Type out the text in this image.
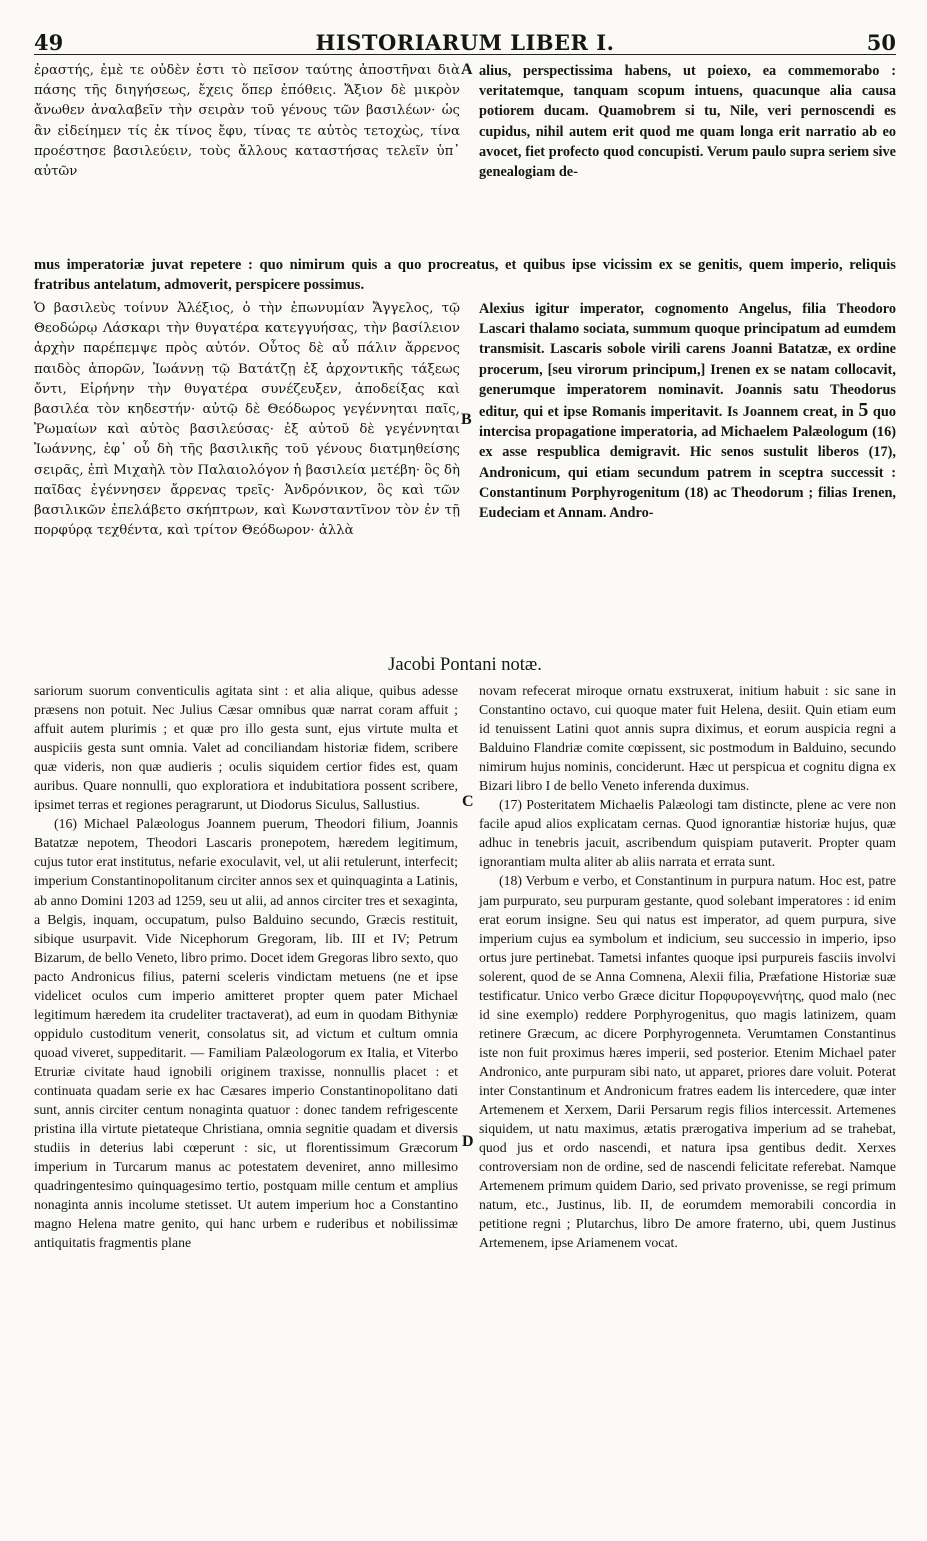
49	HISTORIARUM LIBER I.	50
ἐραστής, ἐμὲ τε οὐδὲν ἐστι τὸ πεῖσον ταύτης ἀποστῆναι διὰ πάσης τῆς διηγήσεως, ἔχεις ὅπερ ἐπόθεις. Ἄξιον δὲ μικρὸν ἄνωθεν ἀναλαβεῖν τὴν σειρὰν τοῦ γένους τῶν βασιλέων· ὡς ἂν εἰδείημεν τίς ἐκ τίνος ἔφυ, τίνας τε αὐτὸς τετοχὼς, τίνα προέστησε βασιλεύειν, τοὺς ἄλλους καταστήσας τελεῖν ὑπ᾽ αὐτῶν
A alius, perspectissima habens, ut poiexo, ea commemorabo : veritatemque, tanquam scopum intuens, quacunque alia causa potiorem ducam. Quamobrem si tu, Nile, veri pernoscendi es cupidus, nihil autem erit quod me quam longa erit narratio ab eo avocet, fiet profecto quod concupisti. Verum paulo supra seriem sive genealogiam de-
mus imperatoriæ juvat repetere : quo nimirum quis a quo procreatus, et quibus ipse vicissim ex se genitis, quem imperio, reliquis fratribus antelatum, admoverit, perspicere possimus.
Ὁ βασιλεὺς τοίνυν Ἀλέξιος, ὁ τὴν ἐπωνυμίαν Ἄγγελος, τῷ Θεοδώρῳ Λάσκαρι τὴν θυγατέρα κατεγγυήσας, τὴν βασίλειον ἀρχὴν παρέπεμψε πρὸς αὐτόν. Οὗτος δὲ αὖ πάλιν ἄρρενος παιδὸς ἀπορῶν, Ἰωάννῃ τῷ Βατάτζῃ ἐξ ἀρχοντικῆς τάξεως ὄντι, Εἰρήνην τὴν θυγατέρα συνέζευξεν, ἀποδείξας καὶ βασιλέα τὸν κηδεστήν· αὐτῷ δὲ Θεόδωρος γεγέννηται παῖς, Ῥωμαίων καὶ αὐτὸς βασιλεύσας· ἐξ αὐτοῦ δὲ γεγέννηται Ἰωάννης, ἐφ᾽ οὗ δὴ τῆς βασιλικῆς τοῦ γένους διατμηθείσης σειρᾶς, ἐπὶ Μιχαὴλ τὸν Παλαιολόγον ἡ βασιλεία μετέβη· ὃς δὴ παῖδας ἐγέννησεν ἄρρενας τρεῖς· Ἀνδρόνικον, ὃς καὶ τῶν βασιλικῶν ἐπελάβετο σκήπτρων, καὶ Κωνσταντῖνον τὸν ἐν τῇ πορφύρᾳ τεχθέντα, καὶ τρίτον Θεόδωρον· ἀλλὰ
B
Alexius igitur imperator, cognomento Angelus, filia Theodoro Lascari thalamo sociata, summum quoque principatum ad eumdem transmisit. Lascaris sobole virili carens Joanni Batatzæ, ex ordine procerum, [seu virorum principum,] Irenen ex se natam collocavit, generumque imperatorem nominavit. Joannis satu Theodorus editur, qui et ipse Romanis imperitavit. Is Joannem creat, in 5 quo intercisa propagatione imperatoria, ad Michaelem Palæologum (16) ex asse respublica demigravit. Hic senos sustulit liberos (17), Andronicum, qui etiam secundum patrem in sceptra successit : Constantinum Porphyrogenitum (18) ac Theodorum ; filias Irenen, Eudeciam et Annam. Andro-
Jacobi Pontani notæ.

sariorum suorum conventiculis agitata sint : et alia alique, quibus adesse præsens non potuit. Nec Julius Cæsar omnibus quæ narrat coram affuit ; affuit autem plurimis ; et quæ pro illo gesta sunt, ejus virtute multa et auspiciis gesta sunt omnia. Valet ad conciliandam historiæ fidem, scribere quæ videris, non quæ audieris ; oculis siquidem certior fides est, quam auribus. Quare nonnulli, quo exploratiora et indubitatiora possent scribere, ipsimet terras et regiones peragrarunt, ut Diodorus Siculus, Sallustius.

(16) Michael Palæologus Joannem puerum, Theodori filium, Joannis Batatzæ nepotem, Theodori Lascaris pronepotem, hæredem legitimum, cujus tutor erat institutus, nefarie exoculavit, vel, ut alii retulerunt, interfecit; imperium Constantinopolitanum circiter annos sex et quinquaginta a Latinis, ab anno Domini 1203 ad 1259, seu ut alii, ad annos circiter tres et sexaginta, a Belgis, inquam, occupatum, pulso Balduino secundo, Græcis restituit, sibique usurpavit. Vide Nicephorum Gregoram, lib. III et IV; Petrum Bizarum, de bello Veneto, libro primo. Docet idem Gregoras libro sexto, quo pacto Andronicus filius, paterni sceleris vindictam metuens (ne et ipse videlicet oculos cum imperio amitteret propter quem pater Michael legitimum hæredem ita crudeliter tractaverat), ad eum in quodam Bithyniæ oppidulo custoditum venerit, consolatus sit, ad victum et cultum omnia quoad viveret, suppeditarit. — Familiam Palæologorum ex Italia, et Viterbo Etruriæ civitate haud ignobili originem traxisse, nonnullis placet : et continuata quadam serie ex hac Cæsares imperio Constantinopolitano dati sunt, annis circiter centum nonaginta quatuor : donec tandem refrigescente pristina illa virtute pietateque Christiana, omnia segnitie quadam et diversis studiis in deterius labi cœperunt : sic, ut florentissimum Græcorum imperium in Turcarum manus ac potestatem deveniret, anno millesimo quadringentesimo quinquagesimo tertio, postquam mille centum et amplius nonaginta annis incolume stetisset. Ut autem imperium hoc a Constantino magno Helena matre genito, qui hanc urbem e ruderibus et nobilissimæ antiquitatis fragmentis plane

C
D

novam refecerat miroque ornatu exstruxerat, initium habuit : sic sane in Constantino octavo, cui quoque mater fuit Helena, desiit. Quin etiam eum id tenuissent Latini quot annis supra diximus, et eorum auspicia regni a Balduino Flandriæ comite cœpissent, sic postmodum in Balduino, secundo nimirum hujus nominis, conciderunt. Hæc ut perspicua et cognitu digna ex Bizari libro I de bello Veneto inferenda duximus.

(17) Posteritatem Michaelis Palæologi tam distincte, plene ac vere non facile apud alios explicatam cernas. Quod ignorantiæ historiæ hujus, quæ adhuc in tenebris jacuit, ascribendum quispiam putaverit. Propter quam ignorantiam multa aliter ab aliis narrata et errata sunt.

(18) Verbum e verbo, et Constantinum in purpura natum. Hoc est, patre jam purpurato, seu purpuram gestante, quod solebant imperatores : id enim erat eorum insigne. Seu qui natus est imperator, ad quem purpura, sive imperium cujus ea symbolum et indicium, seu successio in imperio, ipso ortus jure pertinebat. Tametsi infantes quoque ipsi purpureis fasciis involvi solerent, quod de se Anna Comnena, Alexii filia, Præfatione Historiæ suæ testificatur. Unico verbo Græce dicitur Πορφυρογεννήτης, quod malo (nec id sine exemplo) reddere Porphyrogenitus, quo magis latinizem, quam retinere Græcum, ac dicere Porphyrogenneta. Verumtamen Constantinus iste non fuit proximus hæres imperii, sed posterior. Etenim Michael pater Andronico, ante purpuram sibi nato, ut apparet, priores dare voluit. Poterat inter Constantinum et Andronicum fratres eadem lis intercedere, quæ inter Artemenem et Xerxem, Darii Persarum regis filios intercessit. Artemenes siquidem, ut natu maximus, ætatis prærogativa imperium ad se trahebat, quod jus et ordo nascendi, et natura ipsa gentibus dedit. Xerxes controversiam non de ordine, sed de nascendi felicitate referebat. Namque Artemenem primum quidem Dario, sed privato provenisse, se regi primum natum, etc., Justinus, lib. II, de eorumdem memorabili concordia in petitione regni ; Plutarchus, libro De amore fraterno, ubi, quem Justinus Artemenem, ipse Ariamenem vocat.
